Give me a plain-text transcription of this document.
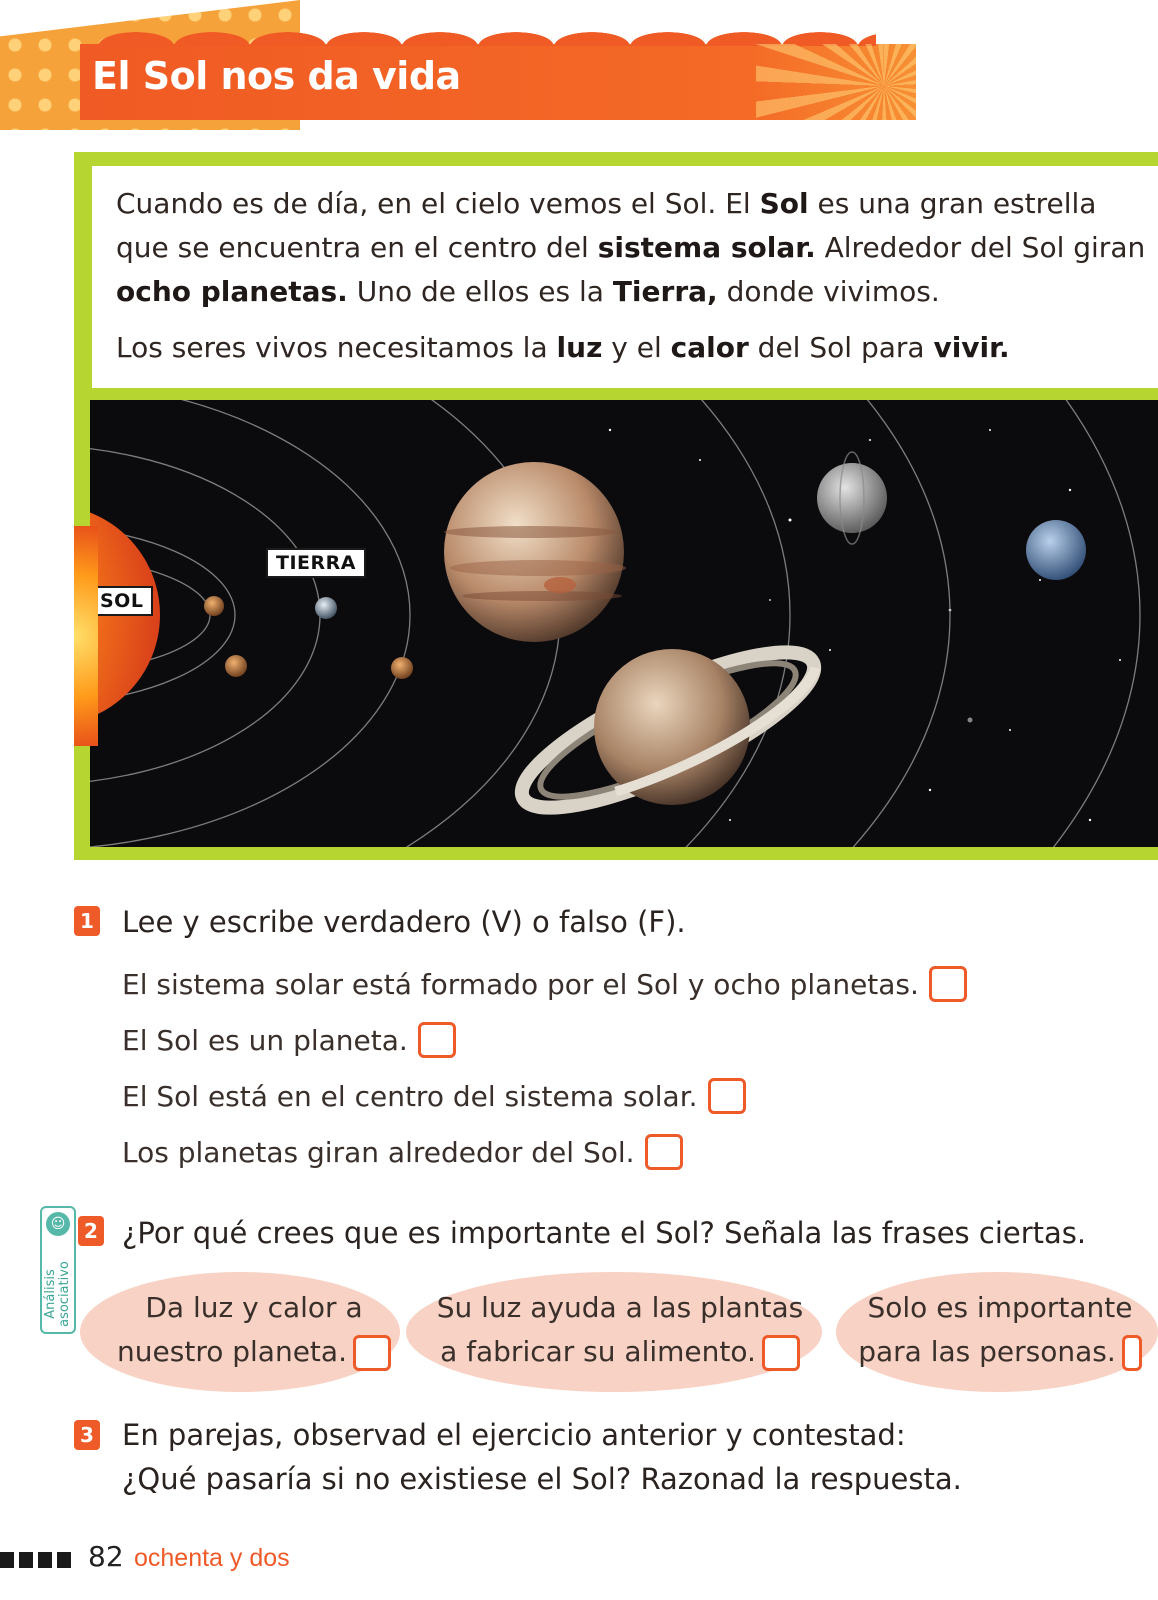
El Sol nos da vida

Cuando es de día, en el cielo vemos el Sol. El Sol es una gran estrella que se encuentra en el centro del sistema solar. Alrededor del Sol giran ocho planetas. Uno de ellos es la Tierra, donde vivimos.

Los seres vivos necesitamos la luz y el calor del Sol para vivir.

TIERRA
SOL
1 Lee y escribe verdadero (V) o falso (F).
El sistema solar está formado por el Sol y ocho planetas.
El Sol es un planeta.
El Sol está en el centro del sistema solar.
Los planetas giran alrededor del Sol.
☺
Análisis asociativo
2 ¿Por qué crees que es importante el Sol? Señala las frases ciertas.
Da luz y calor a
nuestro planeta.
Su luz ayuda a las plantas
a fabricar su alimento.
Solo es importante
para las personas.
3 En parejas, observad el ejercicio anterior y contestad:
¿Qué pasaría si no existiese el Sol? Razonad la respuesta.
82 ochenta y dos
